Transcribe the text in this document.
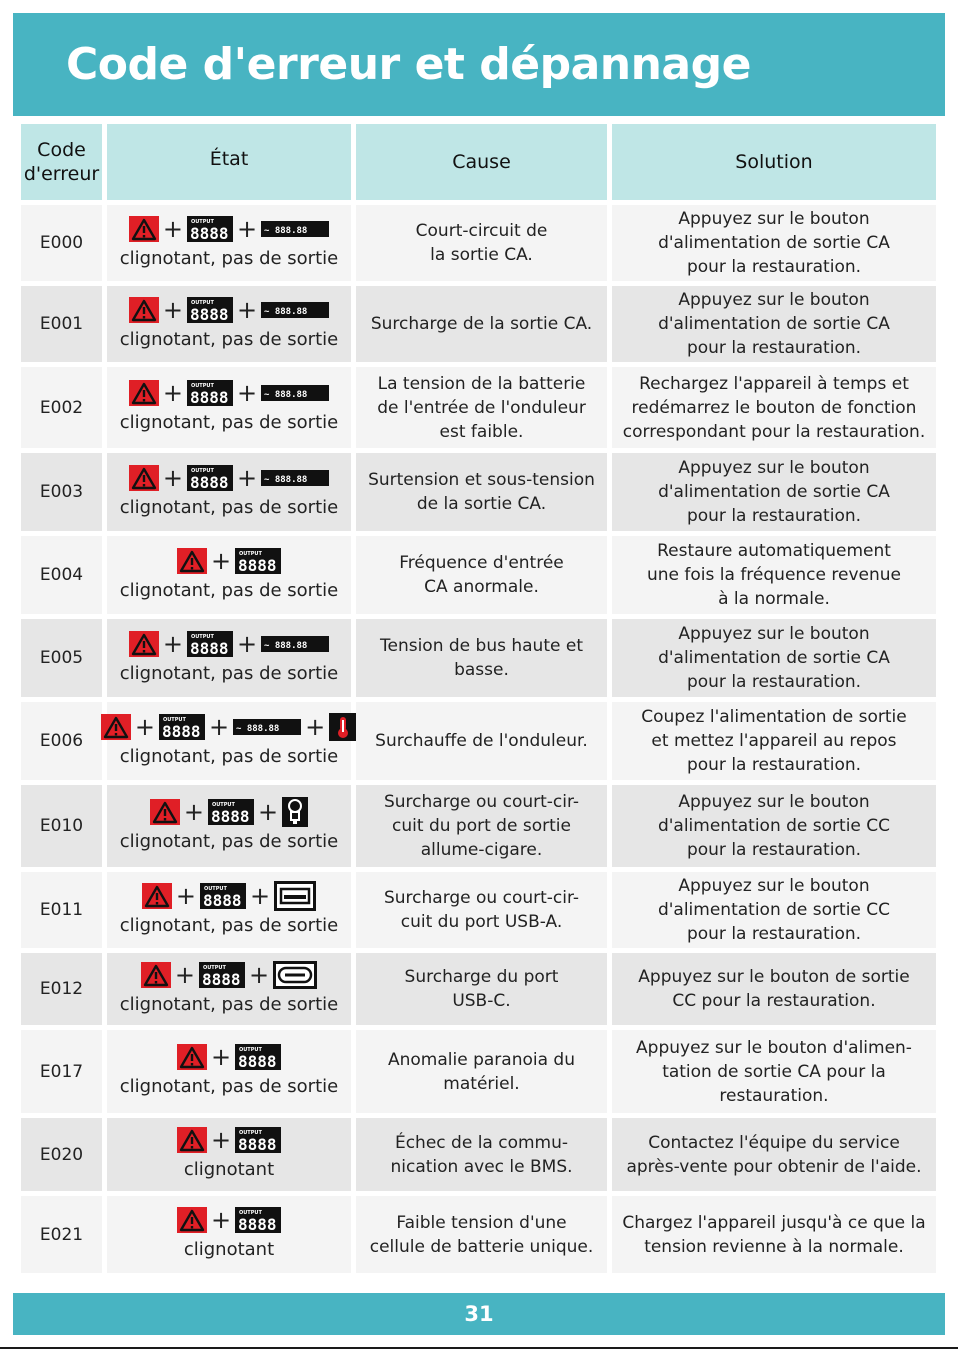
Code d'erreur et dépannage
Code
d'erreur
État	Cause	Solution
E000
+ OUTPUT
8888 + ~ 888.88
clignotant, pas de sortie
Court-circuit de
la sortie CA.
Appuyez sur le bouton
d'alimentation de sortie CA
pour la restauration.
E001
+ OUTPUT
8888 + ~ 888.88
clignotant, pas de sortie
Surcharge de la sortie CA.
Appuyez sur le bouton
d'alimentation de sortie CA
pour la restauration.
E002
+ OUTPUT
8888 + ~ 888.88
clignotant, pas de sortie
La tension de la batterie
de l'entrée de l'onduleur
est faible.
Rechargez l'appareil à temps et
redémarrez le bouton de fonction
correspondant pour la restauration.
E003
+ OUTPUT
8888 + ~ 888.88
clignotant, pas de sortie
Surtension et sous-tension
de la sortie CA.
Appuyez sur le bouton
d'alimentation de sortie CA
pour la restauration.
E004
+ OUTPUT
8888
clignotant, pas de sortie
Fréquence d'entrée
CA anormale.
Restaure automatiquement
une fois la fréquence revenue
à la normale.
E005
+ OUTPUT
8888 + ~ 888.88
clignotant, pas de sortie
Tension de bus haute et
basse.
Appuyez sur le bouton
d'alimentation de sortie CA
pour la restauration.
E006
+ OUTPUT
8888 + ~ 888.88 +
clignotant, pas de sortie
Surchauffe de l'onduleur.
Coupez l'alimentation de sortie
et mettez l'appareil au repos
pour la restauration.
E010
+ OUTPUT
8888 +
clignotant, pas de sortie
Surcharge ou court-cir-
cuit du port de sortie
allume-cigare.
Appuyez sur le bouton
d'alimentation de sortie CC
pour la restauration.
E011
+ OUTPUT
8888 +
clignotant, pas de sortie
Surcharge ou court-cir-
cuit du port USB-A.
Appuyez sur le bouton
d'alimentation de sortie CC
pour la restauration.
E012
+ OUTPUT
8888 +
clignotant, pas de sortie
Surcharge du port
USB-C.
Appuyez sur le bouton de sortie
CC pour la restauration.
E017
+ OUTPUT
8888
clignotant, pas de sortie
Anomalie paranoia du
matériel.
Appuyez sur le bouton d'alimen-
tation de sortie CA pour la
restauration.
E020
+ OUTPUT
8888
clignotant
Échec de la commu-
nication avec le BMS.
Contactez l'équipe du service
après-vente pour obtenir de l'aide.
E021
+ OUTPUT
8888
clignotant
Faible tension d'une
cellule de batterie unique.
Chargez l'appareil jusqu'à ce que la
tension revienne à la normale.
31
